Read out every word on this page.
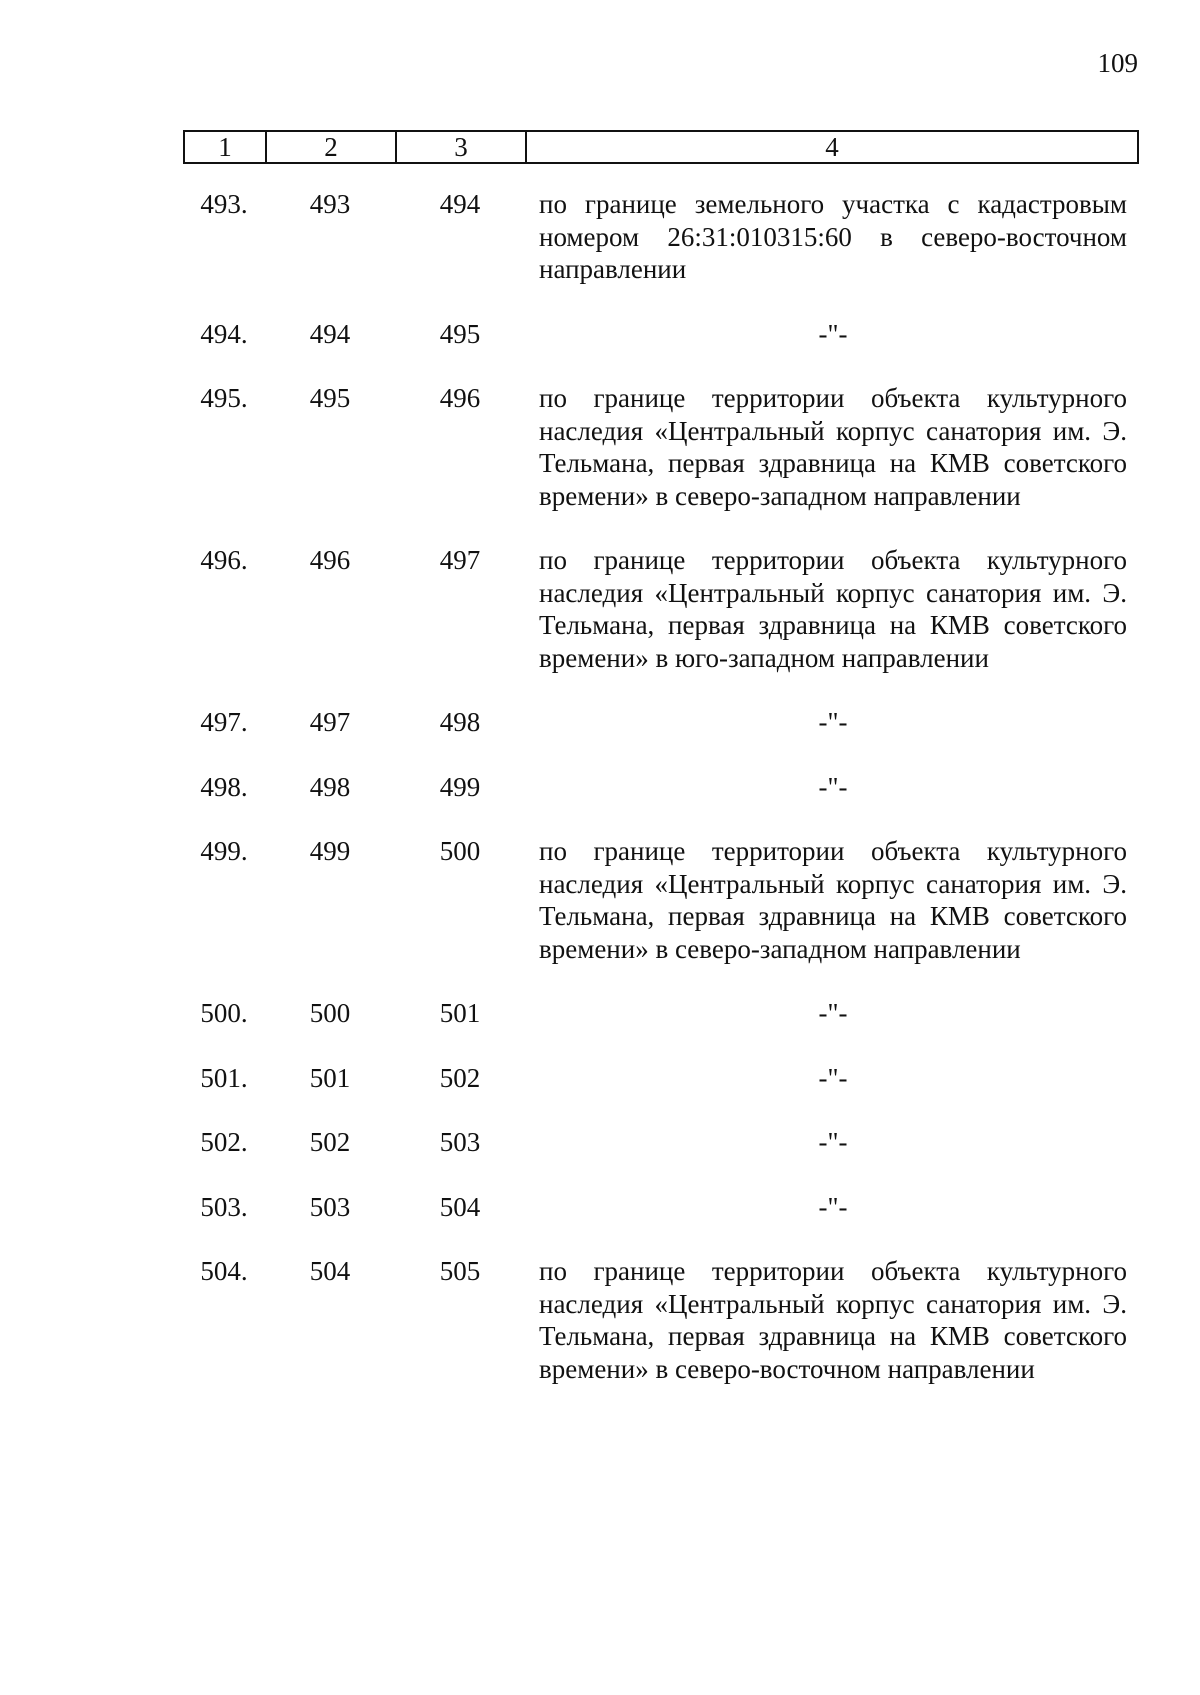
109
1	2	3	4
493.	493	494	по границе земельного участка с кадастровым номером 26:31:010315:60 в северо-восточном направлении
494.	494	495	-"-
495.	495	496	по границе территории объекта культурного наследия «Центральный корпус санатория им. Э. Тельмана, первая здравница на КМВ советского времени» в северо-западном направлении
496.	496	497	по границе территории объекта культурного наследия «Центральный корпус санатория им. Э. Тельмана, первая здравница на КМВ советского времени» в юго-западном направлении
497.	497	498	-"-
498.	498	499	-"-
499.	499	500	по границе территории объекта культурного наследия «Центральный корпус санатория им. Э. Тельмана, первая здравница на КМВ советского времени» в северо-западном направлении
500.	500	501	-"-
501.	501	502	-"-
502.	502	503	-"-
503.	503	504	-"-
504.	504	505	по границе территории объекта культурного наследия «Центральный корпус санатория им. Э. Тельмана, первая здравница на КМВ советского времени» в северо-восточном направлении
